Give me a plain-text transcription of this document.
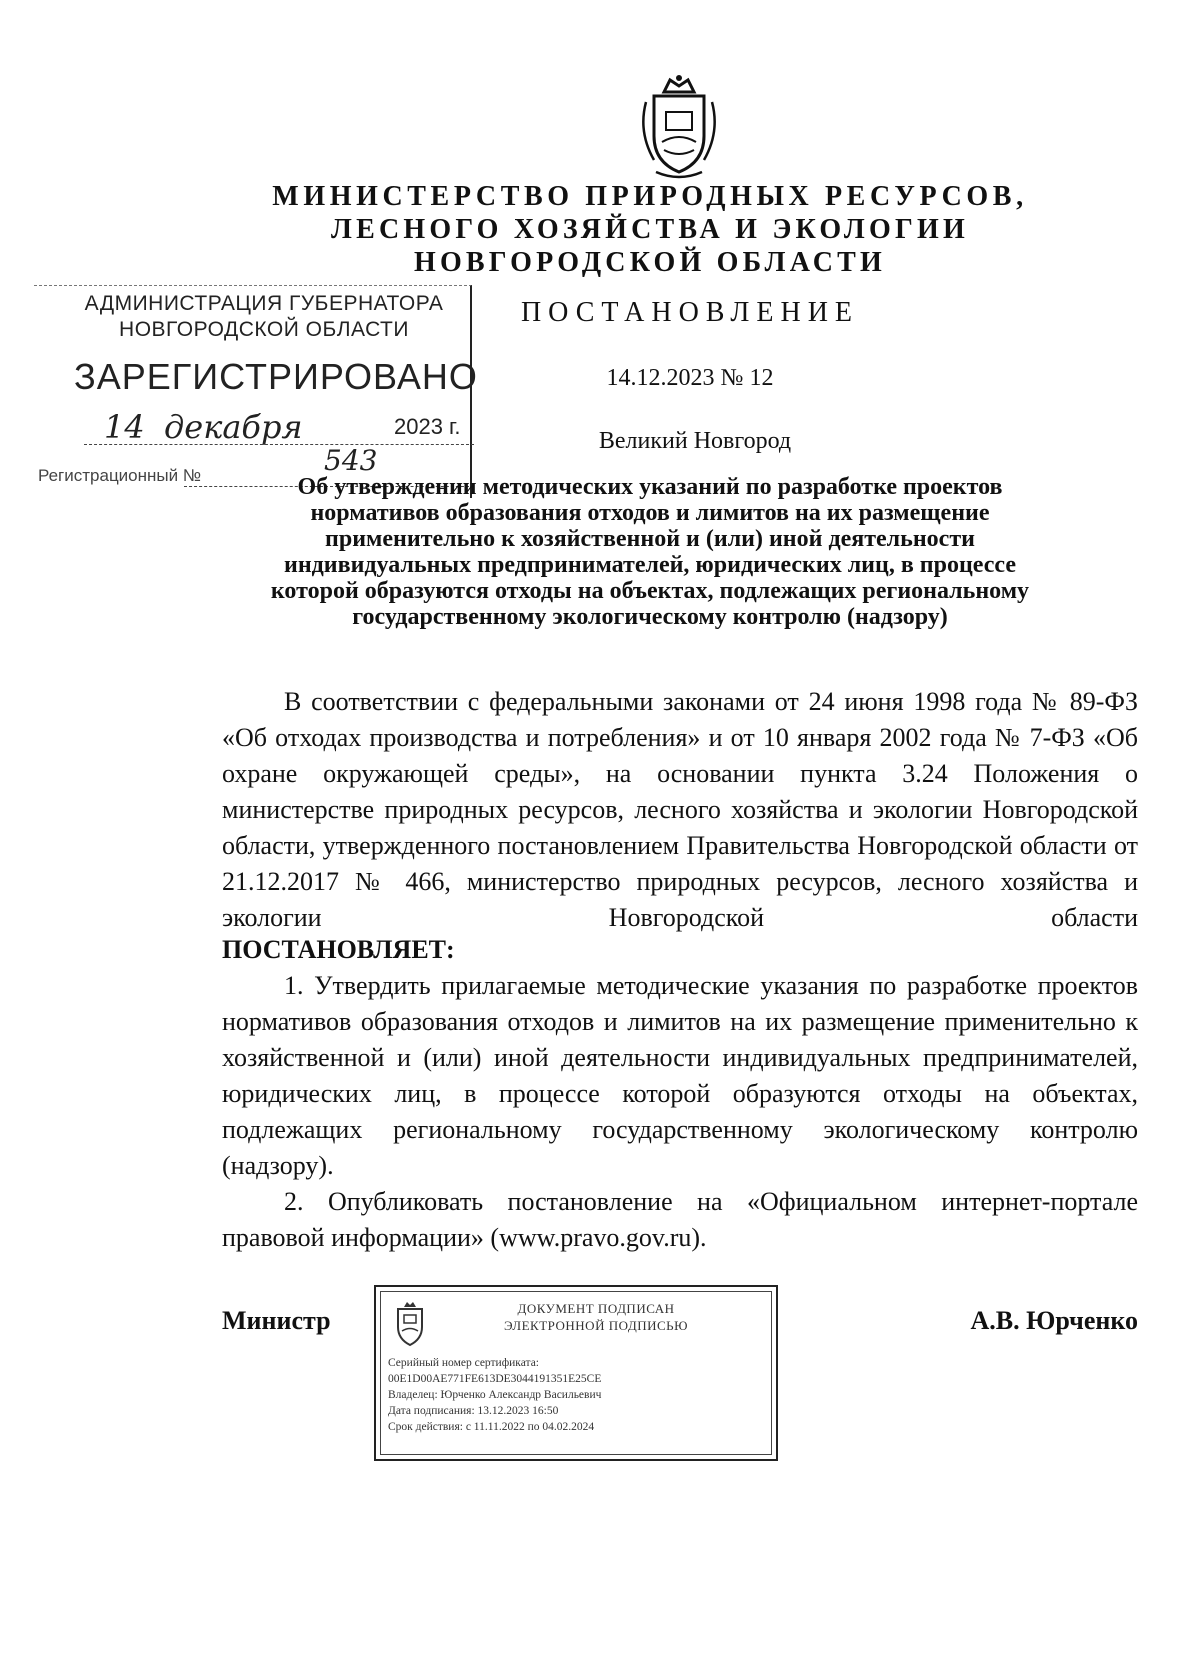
МИНИСТЕРСТВО ПРИРОДНЫХ РЕСУРСОВ,
ЛЕСНОГО ХОЗЯЙСТВА И ЭКОЛОГИИ
НОВГОРОДСКОЙ ОБЛАСТИ
АДМИНИСТРАЦИЯ ГУБЕРНАТОРА
НОВГОРОДСКОЙ ОБЛАСТИ
ЗАРЕГИСТРИРОВАНО
14 декабря	2023 г.
543
Регистрационный №
ПОСТАНОВЛЕНИЕ
14.12.2023 № 12
Великий Новгород
Об утверждении методических указаний по разработке проектов
нормативов образования отходов и лимитов на их размещение
применительно к хозяйственной и (или) иной деятельности
индивидуальных предпринимателей, юридических лиц, в процессе
которой образуются отходы на объектах, подлежащих региональному
государственному экологическому контролю (надзору)

В соответствии с федеральными законами от 24 июня 1998 года № 89-ФЗ «Об отходах производства и потребления» и от 10 января 2002 года № 7-ФЗ «Об охране окружающей среды», на основании пункта 3.24 Положения о министерстве природных ресурсов, лесного хозяйства и экологии Новгородской области, утвержденного постановлением Правительства Новгородской области от 21.12.2017 № 466, министерство природных ресурсов, лесного хозяйства и экологии Новгородской области

ПОСТАНОВЛЯЕТ:

1. Утвердить прилагаемые методические указания по разработке проектов нормативов образования отходов и лимитов на их размещение применительно к хозяйственной и (или) иной деятельности индивидуальных предпринимателей, юридических лиц, в процессе которой образуются отходы на объектах, подлежащих региональному государственному экологическому контролю (надзору).

2. Опубликовать постановление на «Официальном интернет-портале правовой информации» (www.pravo.gov.ru).

Министр	А.В. Юрченко
ДОКУМЕНТ ПОДПИСАН
ЭЛЕКТРОННОЙ ПОДПИСЬЮ
Серийный номер сертификата:
00E1D00AE771FE613DE3044191351E25CE
Владелец: Юрченко Александр Васильевич
Дата подписания: 13.12.2023 16:50
Срок действия: с 11.11.2022 по 04.02.2024
